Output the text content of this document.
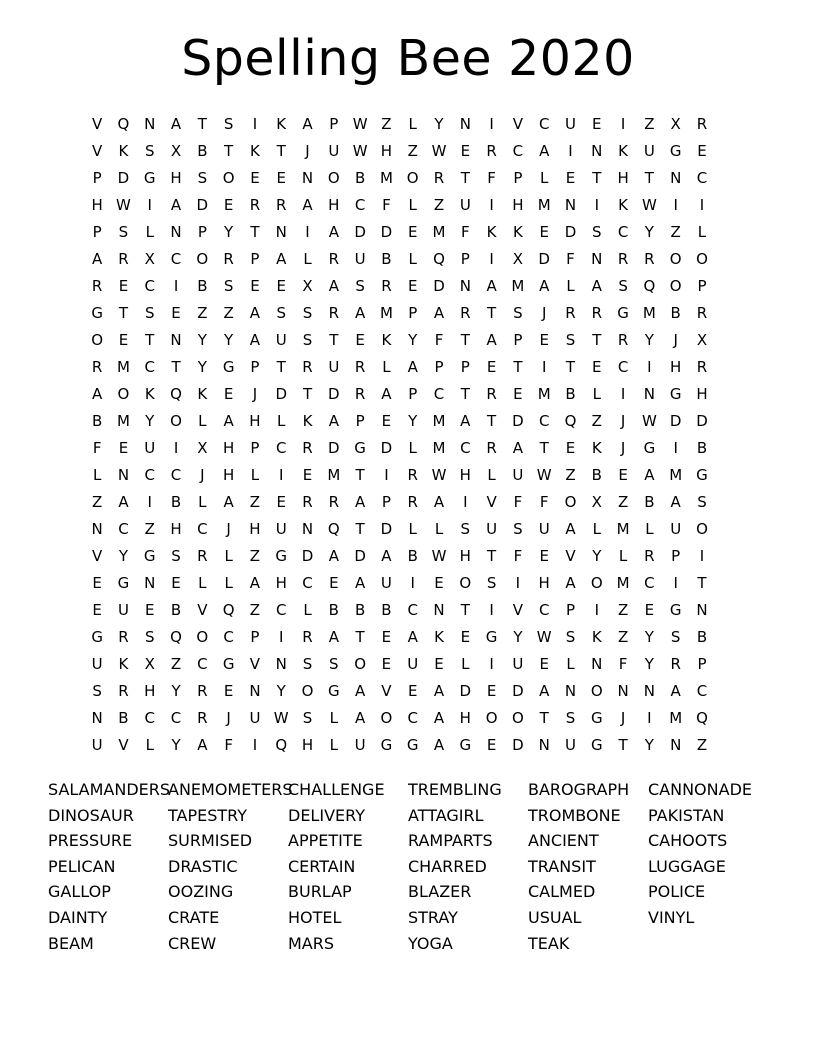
Spelling Bee 2020
V	Q N	A	T	S	I	K	A	P W Z	L	Y	N	I	V	C	U	E	I	Z	X	R
V	K	S	X	B	T	K	T	J	U W H	Z W E	R	C	A	I	N	K	U G	E
P	D G H	S	O	E	E	N O	B M O	R	T	F	P	L	E	T	H	T	N	C
H W	I	A	D	E	R	R	A	H	C	F	L	Z	U	I	H M N	I	K W	I	I
P	S	L	N	P	Y	T	N	I	A	D D	E	M	F	K	K	E	D	S	C	Y	Z	L
A	R	X	C	O	R	P	A	L	R	U	B	L	Q	P	I	X	D	F	N	R	R	O O
R	E	C	I	B	S	E	E	X	A	S	R	E	D N	A M A	L	A	S	Q O	P
G	T	S	E	Z	Z	A	S	S	R	A M	P	A	R	T	S	J	R	R	G M B	R
O	E	T	N	Y	Y	A	U	S	T	E	K	Y	F	T	A	P	E	S	T	R	Y	J	X
R M C	T	Y	G	P	T	R	U	R	L	A	P	P	E	T	I	T	E	C	I	H	R
A	O	K	Q	K	E	J	D	T	D	R	A	P	C	T	R	E	M B	L	I	N G H
B M	Y	O	L	A	H	L	K	A	P	E	Y	M A	T	D	C	Q	Z	J	W D D
F	E	U	I	X	H	P	C	R	D G D	L	M C	R	A	T	E	K	J	G	I	B
L	N	C	C	J	H	L	I	E	M	T	I	R W H	L	U W Z	B	E	A M G
Z	A	I	B	L	A	Z	E	R	R	A	P	R	A	I	V	F	F	O	X	Z	B	A	S
N	C	Z	H	C	J	H	U	N Q	T	D	L	L	S	U	S	U	A	L	M	L	U O
V	Y	G	S	R	L	Z	G D	A	D	A	B W H	T	F	E	V	Y	L	R	P	I
E	G N	E	L	L	A	H	C	E	A	U	I	E	O	S	I	H	A	O M C	I	T
E	U	E	B	V	Q	Z	C	L	B	B	B	C	N	T	I	V	C	P	I	Z	E	G N
G	R	S	Q O	C	P	I	R	A	T	E	A	K	E	G	Y W S	K	Z	Y	S	B
U	K	X	Z	C	G	V	N	S	S	O	E	U	E	L	I	U	E	L	N	F	Y	R	P
S	R	H	Y	R	E	N	Y	O G	A	V	E	A	D	E	D	A	N O N	N	A	C
N	B	C	C	R	J	U W S	L	A	O	C	A	H O O	T	S	G	J	I	M Q
U	V	L	Y	A	F	I	Q H	L	U G G	A	G	E	D N	U G	T	Y	N	Z
SALAMANDERS
DINOSAUR
PRESSURE
PELICAN
GALLOP
DAINTY
BEAM
ANEMOMETERS
TAPESTRY
SURMISED
DRASTIC
OOZING
CRATE
CREW
CHALLENGE
DELIVERY
APPETITE
CERTAIN
BURLAP
HOTEL
MARS
TREMBLING
ATTAGIRL
RAMPARTS
CHARRED
BLAZER
STRAY
YOGA
BAROGRAPH
TROMBONE
ANCIENT
TRANSIT
CALMED
USUAL
TEAK
CANNONADE
PAKISTAN
CAHOOTS
LUGGAGE
POLICE
VINYL
